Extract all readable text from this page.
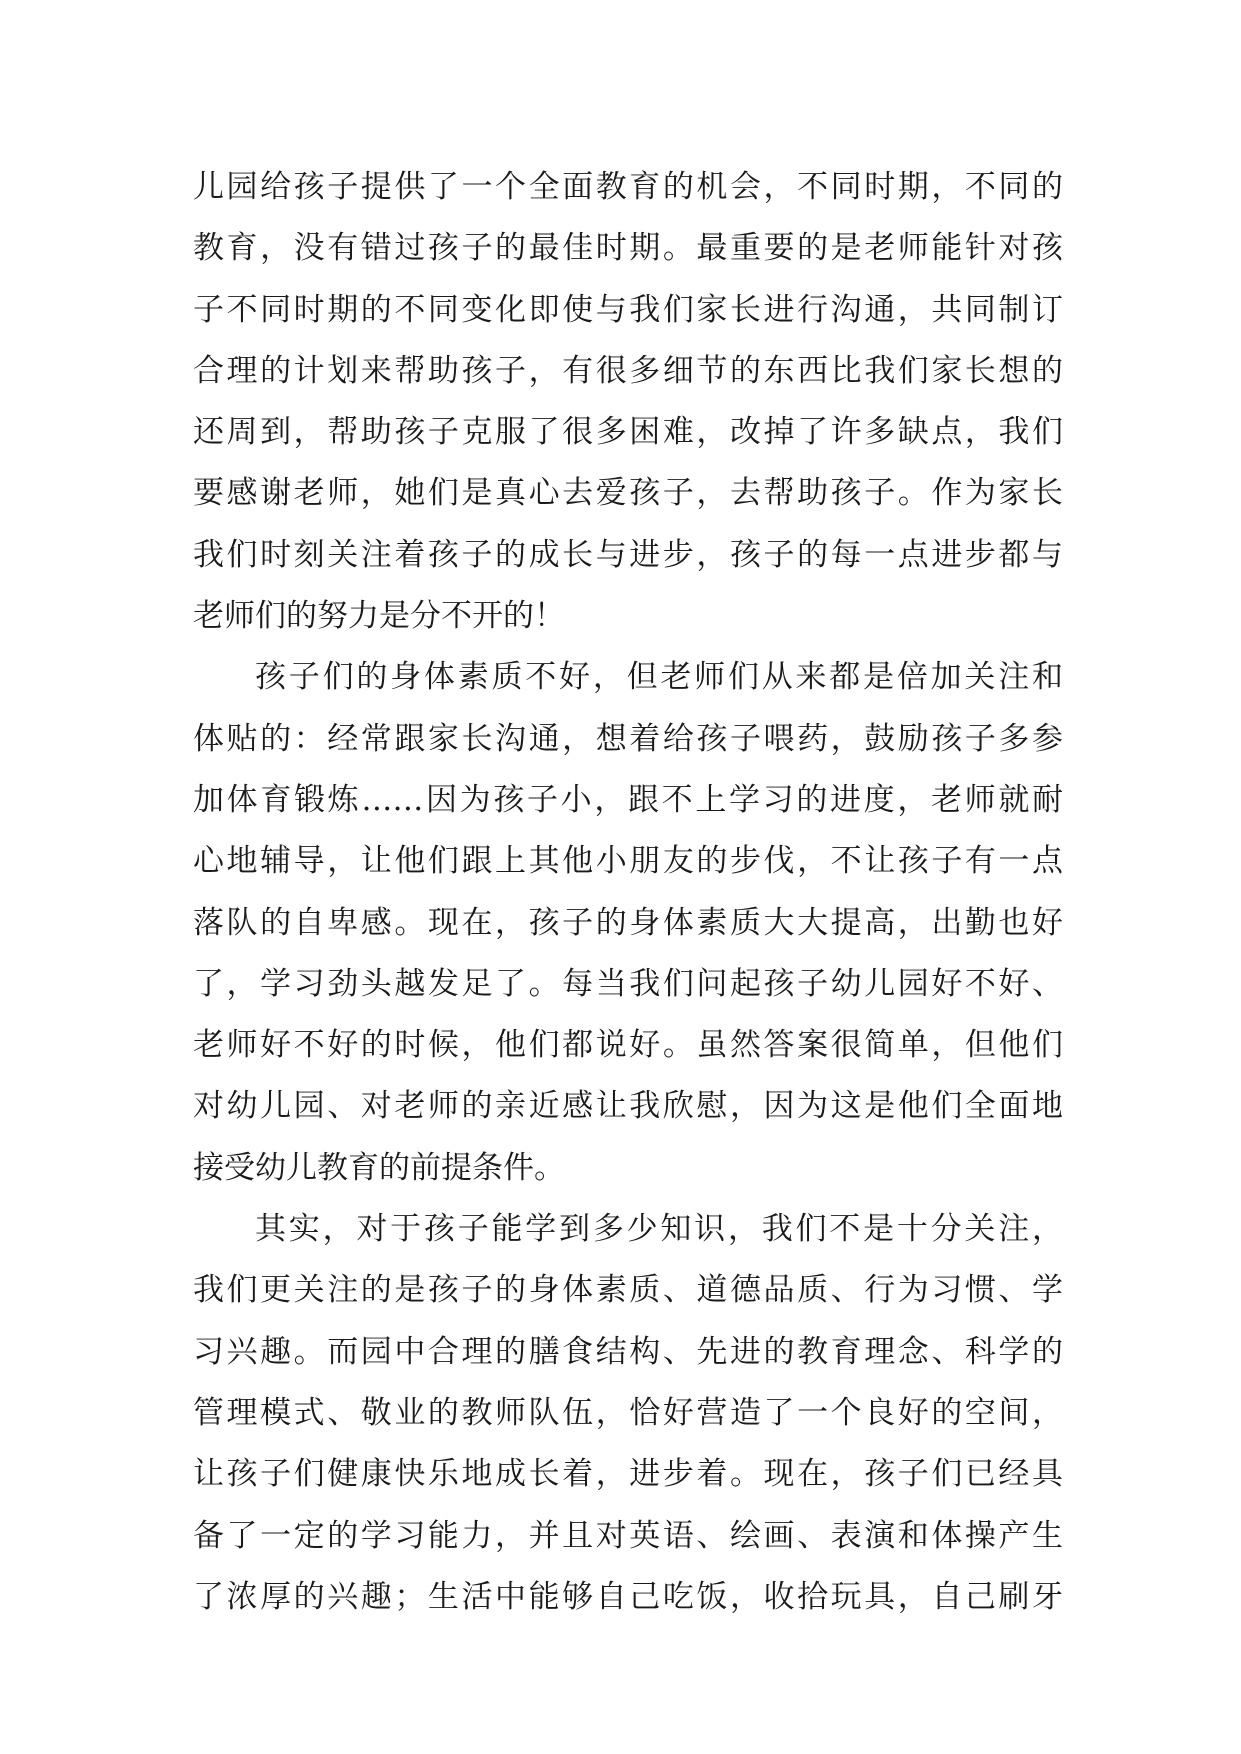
儿园给孩子提供了一个全面教育的机会，不同时期，不同的
教育，没有错过孩子的最佳时期。最重要的是老师能针对孩
子不同时期的不同变化即使与我们家长进行沟通，共同制订
合理的计划来帮助孩子，有很多细节的东西比我们家长想的
还周到，帮助孩子克服了很多困难，改掉了许多缺点，我们
要感谢老师，她们是真心去爱孩子，去帮助孩子。作为家长
我们时刻关注着孩子的成长与进步，孩子的每一点进步都与
老师们的努力是分不开的！
孩子们的身体素质不好，但老师们从来都是倍加关注和
体贴的：经常跟家长沟通，想着给孩子喂药，鼓励孩子多参
加体育锻炼……因为孩子小，跟不上学习的进度，老师就耐
心地辅导，让他们跟上其他小朋友的步伐，不让孩子有一点
落队的自卑感。现在，孩子的身体素质大大提高，出勤也好
了，学习劲头越发足了。每当我们问起孩子幼儿园好不好、
老师好不好的时候，他们都说好。虽然答案很简单，但他们
对幼儿园、对老师的亲近感让我欣慰，因为这是他们全面地
接受幼儿教育的前提条件。
其实，对于孩子能学到多少知识，我们不是十分关注，
我们更关注的是孩子的身体素质、道德品质、行为习惯、学
习兴趣。而园中合理的膳食结构、先进的教育理念、科学的
管理模式、敬业的教师队伍，恰好营造了一个良好的空间，
让孩子们健康快乐地成长着，进步着。现在，孩子们已经具
备了一定的学习能力，并且对英语、绘画、表演和体操产生
了浓厚的兴趣；生活中能够自己吃饭，收拾玩具，自己刷牙
